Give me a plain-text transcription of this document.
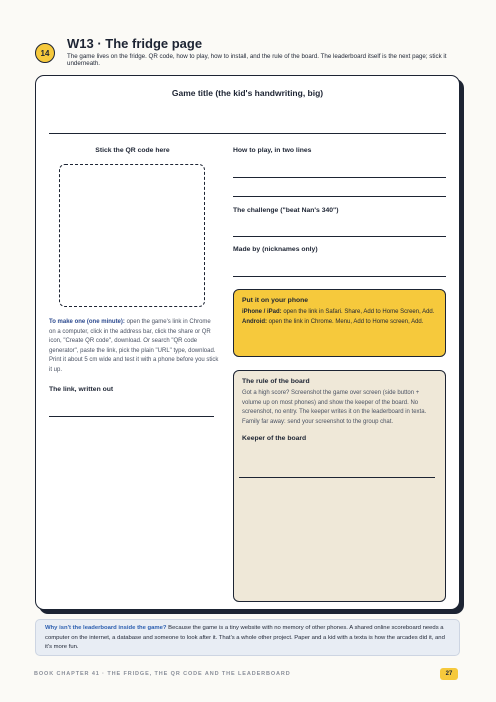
14
W13 · The fridge page
The game lives on the fridge. QR code, how to play, how to install, and the rule of the board. The leaderboard itself is the next page; stick it underneath.
Game title (the kid's handwriting, big)
Stick the QR code here
To make one (one minute): open the game's link in Chrome on a computer, click in the address bar, click the share or QR icon, "Create QR code", download. Or search "QR code generator", paste the link, pick the plain "URL" type, download. Print it about 5 cm wide and test it with a phone before you stick it up.
The link, written out
How to play, in two lines
The challenge ("beat Nan's 340")
Made by (nicknames only)
Put it on your phone
iPhone / iPad: open the link in Safari. Share, Add to Home Screen, Add.
Android: open the link in Chrome. Menu, Add to Home screen, Add.
The rule of the board
Got a high score? Screenshot the game over screen (side button + volume up on most phones) and show the keeper of the board. No screenshot, no entry. The keeper writes it on the leaderboard in texta. Family far away: send your screenshot to the group chat.
Keeper of the board
Why isn't the leaderboard inside the game? Because the game is a tiny website with no memory of other phones. A shared online scoreboard needs a computer on the internet, a database and someone to look after it. That's a whole other project. Paper and a kid with a texta is how the arcades did it, and it's more fun.
BOOK CHAPTER 41 · THE FRIDGE, THE QR CODE AND THE LEADERBOARD	27
